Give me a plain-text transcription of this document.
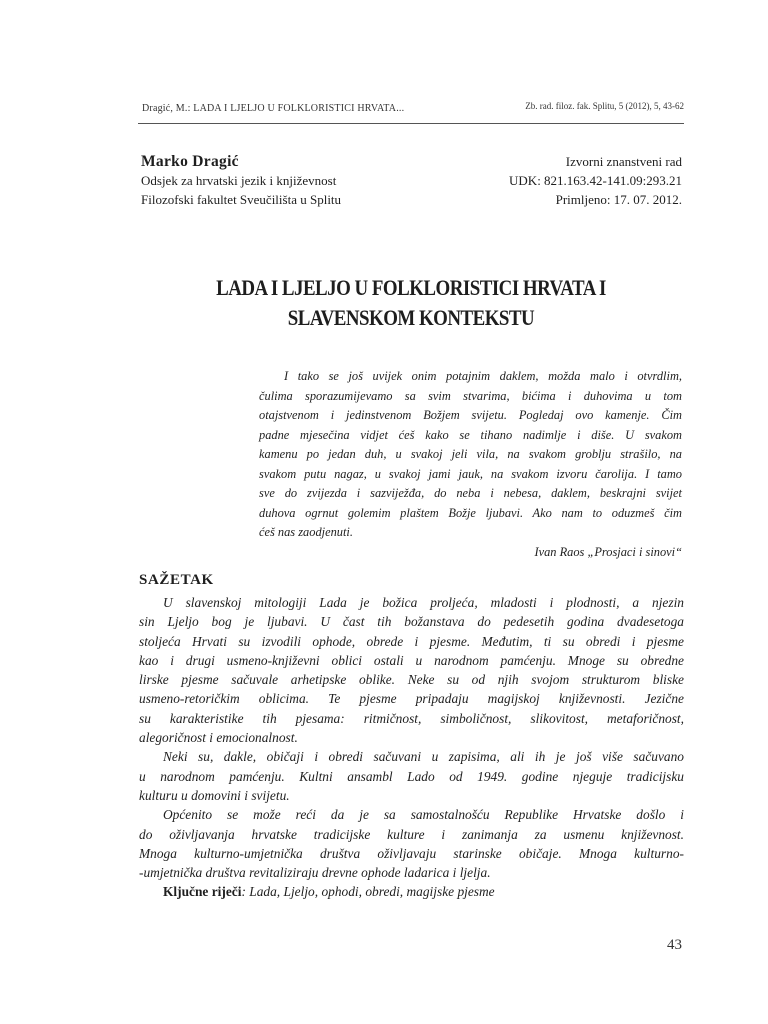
Dragić, M.: LADA I LJELJO U FOLKLORISTICI HRVATA...	Zb. rad. filoz. fak. Splitu, 5 (2012), 5, 43-62
Marko Dragić
Odsjek za hrvatski jezik i književnost
Filozofski fakultet Sveučilišta u Splitu
Izvorni znanstveni rad
UDK: 821.163.42-141.09:293.21
Primljeno: 17. 07. 2012.
LADA I LJELJO U FOLKLORISTICI HRVATA I
SLAVENSKOM KONTEKSTU
I tako se još uvijek onim potajnim daklem, možda malo i otvrdlim,
čulima sporazumijevamo sa svim stvarima, bićima i duhovima u tom
otajstvenom i jedinstvenom Božjem svijetu. Pogledaj ovo kamenje. Čim
padne mjesečina vidjet ćeš kako se tihano nadimlje i diše. U svakom
kamenu po jedan duh, u svakoj jeli vila, na svakom groblju strašilo, na
svakom putu nagaz, u svakoj jami jauk, na svakom izvoru čarolija. I tamo
sve do zvijezda i sazviježđa, do neba i nebesa, daklem, beskrajni svijet
duhova ogrnut golemim plaštem Božje ljubavi. Ako nam to oduzmeš čim
ćeš nas zaodjenuti.
Ivan Raos „Prosjaci i sinovi“
SAŽETAK
U slavenskoj mitologiji Lada je božica proljeća, mladosti i plodnosti, a njezin
sin Ljeljo bog je ljubavi. U čast tih božanstava do pedesetih godina dvadesetoga
stoljeća Hrvati su izvodili ophode, obrede i pjesme. Međutim, ti su obredi i pjesme
kao i drugi usmeno-književni oblici ostali u narodnom pamćenju. Mnoge su obredne
lirske pjesme sačuvale arhetipske oblike. Neke su od njih svojom strukturom bliske
usmeno-retoričkim oblicima. Te pjesme pripadaju magijskoj književnosti. Jezične
su karakteristike tih pjesama: ritmičnost, simboličnost, slikovitost, metaforičnost,
alegoričnost i emocionalnost.
Neki su, dakle, običaji i obredi sačuvani u zapisima, ali ih je još više sačuvano
u narodnom pamćenju. Kultni ansambl Lado od 1949. godine njeguje tradicijsku
kulturu u domovini i svijetu.
Općenito se može reći da je sa samostalnošću Republike Hrvatske došlo i
do oživljavanja hrvatske tradicijske kulture i zanimanja za usmenu književnost.
Mnoga kulturno-umjetnička društva oživljavaju starinske običaje. Mnoga kulturno-
-umjetnička društva revitaliziraju drevne ophode ladarica i ljelja.
Ključne riječi: Lada, Ljeljo, ophodi, obredi, magijske pjesme
43
